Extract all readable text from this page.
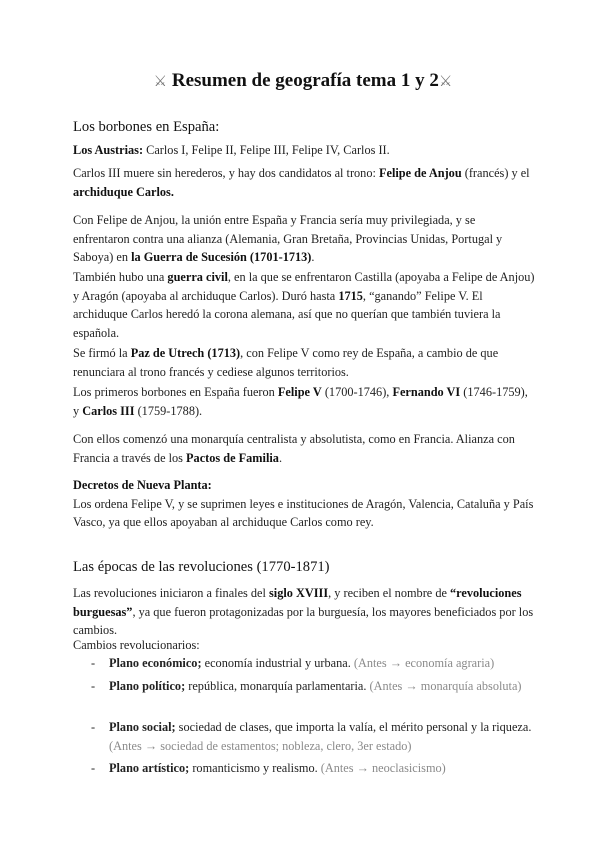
⚔ Resumen de geografía tema 1 y 2⚔
Los borbones en España:
Los Austrias: Carlos I, Felipe II, Felipe III, Felipe IV, Carlos II.
Carlos III muere sin herederos, y hay dos candidatos al trono: Felipe de Anjou (francés) y el archiduque Carlos.
Con Felipe de Anjou, la unión entre España y Francia sería muy privilegiada, y se enfrentaron contra una alianza (Alemania, Gran Bretaña, Provincias Unidas, Portugal y Saboya) en la Guerra de Sucesión (1701-1713).
También hubo una guerra civil, en la que se enfrentaron Castilla (apoyaba a Felipe de Anjou) y Aragón (apoyaba al archiduque Carlos). Duró hasta 1715, “ganando” Felipe V. El archiduque Carlos heredó la corona alemana, así que no querían que también tuviera la española.
Se firmó la Paz de Utrech (1713), con Felipe V como rey de España, a cambio de que renunciara al trono francés y cediese algunos territorios.
Los primeros borbones en España fueron Felipe V (1700-1746), Fernando VI (1746-1759), y Carlos III (1759-1788).
Con ellos comenzó una monarquía centralista y absolutista, como en Francia. Alianza con Francia a través de los Pactos de Familia.
Decretos de Nueva Planta:
Los ordena Felipe V, y se suprimen leyes e instituciones de Aragón, Valencia, Cataluña y País Vasco, ya que ellos apoyaban al archiduque Carlos como rey.
Las épocas de las revoluciones (1770-1871)
Las revoluciones iniciaron a finales del siglo XVIII, y reciben el nombre de “revoluciones burguesas”, ya que fueron protagonizadas por la burguesía, los mayores beneficiados por los cambios.
Cambios revolucionarios:
- Plano económico; economía industrial y urbana. (Antes → economía agraria)
- Plano político; república, monarquía parlamentaria. (Antes → monarquía absoluta)
- Plano social; sociedad de clases, que importa la valía, el mérito personal y la riqueza. (Antes → sociedad de estamentos; nobleza, clero, 3er estado)
- Plano artístico; romanticismo y realismo. (Antes → neoclasicismo)
